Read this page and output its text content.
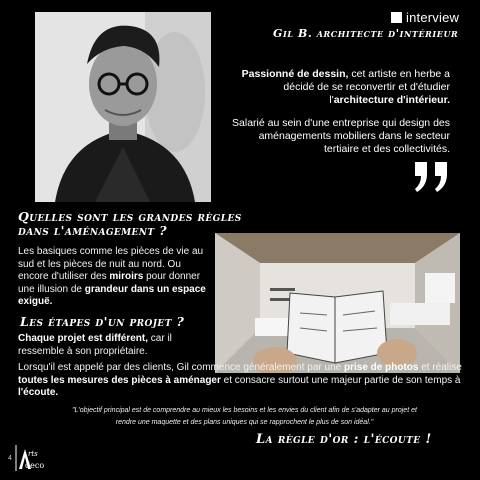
interview
Gil B. architecte d'intérieur
Passionné de dessin, cet artiste en herbe a décidé de se reconvertir et d'étudier l'architecture d'intérieur.
Salarié au sein d'une entreprise qui design des aménagements mobiliers dans le secteur tertiaire et des collectivités.
Quelles sont les grandes règles dans l'aménagement ?
Les basiques comme les pièces de vie au sud et les pièces de nuit au nord. Ou encore d'utiliser des miroirs pour donner une illusion de grandeur dans un espace exiguë.
Les étapes d'un projet ?
Chaque projet est différent, car il ressemble à son propriétaire.
Lorsqu'il est appelé par des clients, Gil commence généralement par une prise de photos et réalise toutes les mesures des pièces à aménager et consacre surtout une majeur partie de son temps à l'écoute.
"L'objectif principal est de comprendre au mieux les besoins et les envies du client afin de s'adapter au projet et rendre une maquette et des plans uniques qui se rapprochent le plus de son idéal."
La règle d'or : l'écoute !
4 rts
deco
